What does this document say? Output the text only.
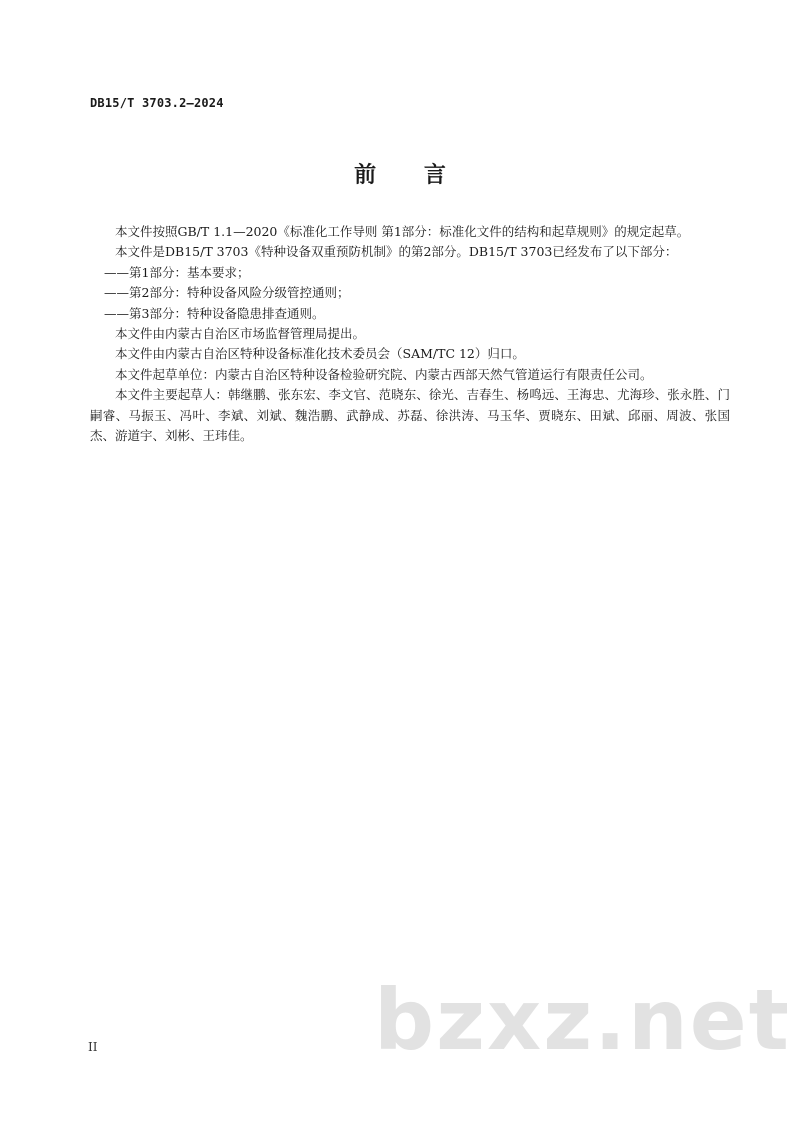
DB15/T 3703.2—2024
前 言

本文件按照GB/T 1.1—2020《标准化工作导则 第1部分：标准化文件的结构和起草规则》的规定起草。

本文件是DB15/T 3703《特种设备双重预防机制》的第2部分。DB15/T 3703已经发布了以下部分：

——第1部分：基本要求；

——第2部分：特种设备风险分级管控通则；

——第3部分：特种设备隐患排查通则。

本文件由内蒙古自治区市场监督管理局提出。

本文件由内蒙古自治区特种设备标准化技术委员会（SAM/TC 12）归口。

本文件起草单位：内蒙古自治区特种设备检验研究院、内蒙古西部天然气管道运行有限责任公司。

本文件主要起草人：韩继鹏、张东宏、李文官、范晓东、徐光、吉春生、杨鸣远、王海忠、尤海珍、张永胜、门嗣睿、马振玉、冯叶、李斌、刘斌、魏浩鹏、武静成、苏磊、徐洪涛、马玉华、贾晓东、田斌、邱丽、周波、张国杰、游道宇、刘彬、王玮佳。

bzxz.net
II
